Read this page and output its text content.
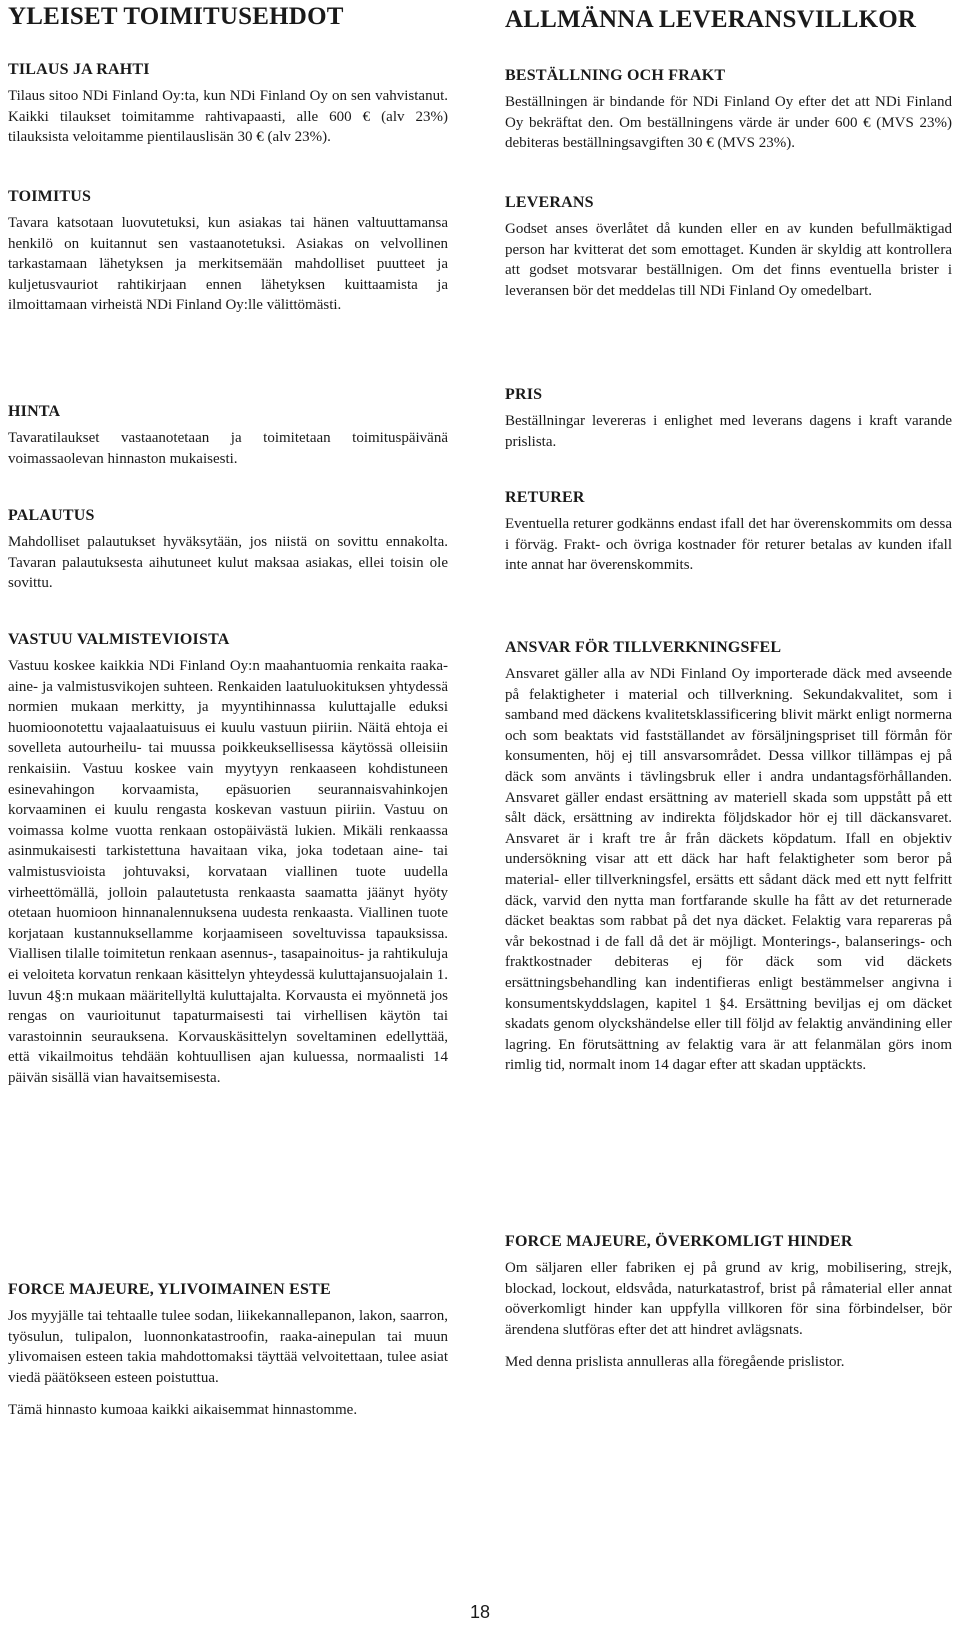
YLEISET TOIMITUSEHDOT
TILAUS JA RAHTI

Tilaus sitoo NDi Finland Oy:ta, kun NDi Finland Oy on sen vahvistanut. Kaikki tilaukset toimitamme rahtivapaasti, alle 600 € (alv 23%) tilauksista veloitamme pientilauslisän 30 € (alv 23%).

TOIMITUS

Tavara katsotaan luovutetuksi, kun asiakas tai hänen valtuuttamansa henkilö on kuitannut sen vastaanotetuksi. Asiakas on velvollinen tarkastamaan lähetyksen ja merkitsemään mahdolliset puutteet ja kuljetusvauriot rahtikirjaan ennen lähetyksen kuittaamista ja ilmoittamaan virheistä NDi Finland Oy:lle välittömästi.

HINTA

Tavaratilaukset vastaanotetaan ja toimitetaan toimituspäivänä voimassaolevan hinnaston mukaisesti.

PALAUTUS

Mahdolliset palautukset hyväksytään, jos niistä on sovittu ennakolta. Tavaran palautuksesta aihutuneet kulut maksaa asiakas, ellei toisin ole sovittu.

VASTUU VALMISTEVIOISTA

Vastuu koskee kaikkia NDi Finland Oy:n maahantuomia renkaita raaka-aine- ja valmistusvikojen suhteen. Renkaiden laatuluokituksen yhtydessä normien mukaan merkitty, ja myyntihinnassa kuluttajalle eduksi huomioonotettu vajaalaatuisuus ei kuulu vastuun piiriin. Näitä ehtoja ei sovelleta autourheilu- tai muussa poikkeuksellisessa käytössä olleisiin renkaisiin. Vastuu koskee vain myytyyn renkaaseen kohdistuneen esinevahingon korvaamista, epäsuorien seurannaisvahinkojen korvaaminen ei kuulu rengasta koskevan vastuun piiriin. Vastuu on voimassa kolme vuotta renkaan ostopäivästä lukien. Mikäli renkaassa asinmukaisesti tarkistettuna havaitaan vika, joka todetaan aine- tai valmistusvioista johtuvaksi, korvataan viallinen tuote uudella virheettömällä, jolloin palautetusta renkaasta saamatta jäänyt hyöty otetaan huomioon hinnanalennuksena uudesta renkaasta. Viallinen tuote korjataan kustannuksellamme korjaamiseen soveltuvissa tapauksissa. Viallisen tilalle toimitetun renkaan asennus-, tasapainoitus- ja rahtikuluja ei veloiteta korvatun renkaan käsittelyn yhteydessä kuluttajansuojalain 1. luvun 4§:n mukaan määritellyltä kuluttajalta. Korvausta ei myönnetä jos rengas on vaurioitunut tapaturmaisesti tai virhellisen käytön tai varastoinnin seurauksena. Korvauskäsittelyn soveltaminen edellyttää, että vikailmoitus tehdään kohtuullisen ajan kuluessa, normaalisti 14 päivän sisällä vian havaitsemisesta.

FORCE MAJEURE, YLIVOIMAINEN ESTE

Jos myyjälle tai tehtaalle tulee sodan, liikekannallepanon, lakon, saarron, työsulun, tulipalon, luonnonkatastroofin, raaka-ainepulan tai muun ylivomaisen esteen takia mahdottomaksi täyttää velvoitettaan, tulee asiat viedä päätökseen esteen poistuttua.

Tämä hinnasto kumoaa kaikki aikaisemmat hinnastomme.

ALLMÄNNA LEVERANSVILLKOR
BESTÄLLNING OCH FRAKT

Beställningen är bindande för NDi Finland Oy efter det att NDi Finland Oy bekräftat den. Om beställningens värde är under 600 € (MVS 23%) debiteras beställningsavgiften 30 € (MVS 23%).

LEVERANS

Godset anses överlåtet då kunden eller en av kunden befullmäktigad person har kvitterat det som emottaget. Kunden är skyldig att kontrollera att godset motsvarar beställnigen. Om det finns eventuella brister i leveransen bör det meddelas till NDi Finland Oy omedelbart.

PRIS

Beställningar levereras i enlighet med leverans dagens i kraft varande prislista.

RETURER

Eventuella returer godkänns endast ifall det har överenskommits om dessa i förväg. Frakt- och övriga kostnader för returer betalas av kunden ifall inte annat har överenskommits.

ANSVAR FÖR TILLVERKNINGSFEL

Ansvaret gäller alla av NDi Finland Oy importerade däck med avseende på felaktigheter i material och tillverkning. Sekundakvalitet, som i samband med däckens kvalitetsklassificering blivit märkt enligt normerna och som beaktats vid fastställandet av försäljningspriset till förmån för konsumenten, höj ej till ansvarsområdet. Dessa villkor tillämpas ej på däck som använts i tävlingsbruk eller i andra undantagsförhållanden. Ansvaret gäller endast ersättning av materiell skada som uppstått på ett sålt däck, ersättning av indirekta följdskador hör ej till däckansvaret. Ansvaret är i kraft tre år från däckets köpdatum. Ifall en objektiv undersökning visar att ett däck har haft felaktigheter som beror på material- eller tillverkningsfel, ersätts ett sådant däck med ett nytt felfritt däck, varvid den nytta man fortfarande skulle ha fått av det returnerade däcket beaktas som rabbat på det nya däcket. Felaktig vara repareras på vår bekostnad i de fall då det är möjligt. Monterings-, balanserings- och fraktkostnader debiteras ej för däck som vid däckets ersättningsbehandling kan indentifieras enligt bestämmelser angivna i konsumentskyddslagen, kapitel 1 §4. Ersättning beviljas ej om däcket skadats genom olyckshändelse eller till följd av felaktig användining eller lagring. En förutsättning av felaktig vara är att felanmälan görs inom rimlig tid, normalt inom 14 dagar efter att skadan upptäckts.

FORCE MAJEURE, ÖVERKOMLIGT HINDER

Om säljaren eller fabriken ej på grund av krig, mobilisering, strejk, blockad, lockout, eldsvåda, naturkatastrof, brist på råmaterial eller annat oöverkomligt hinder kan uppfylla villkoren för sina förbindelser, bör ärendena slutföras efter det att hindret avlägsnats.

Med denna prislista annulleras alla föregående prislistor.

18
